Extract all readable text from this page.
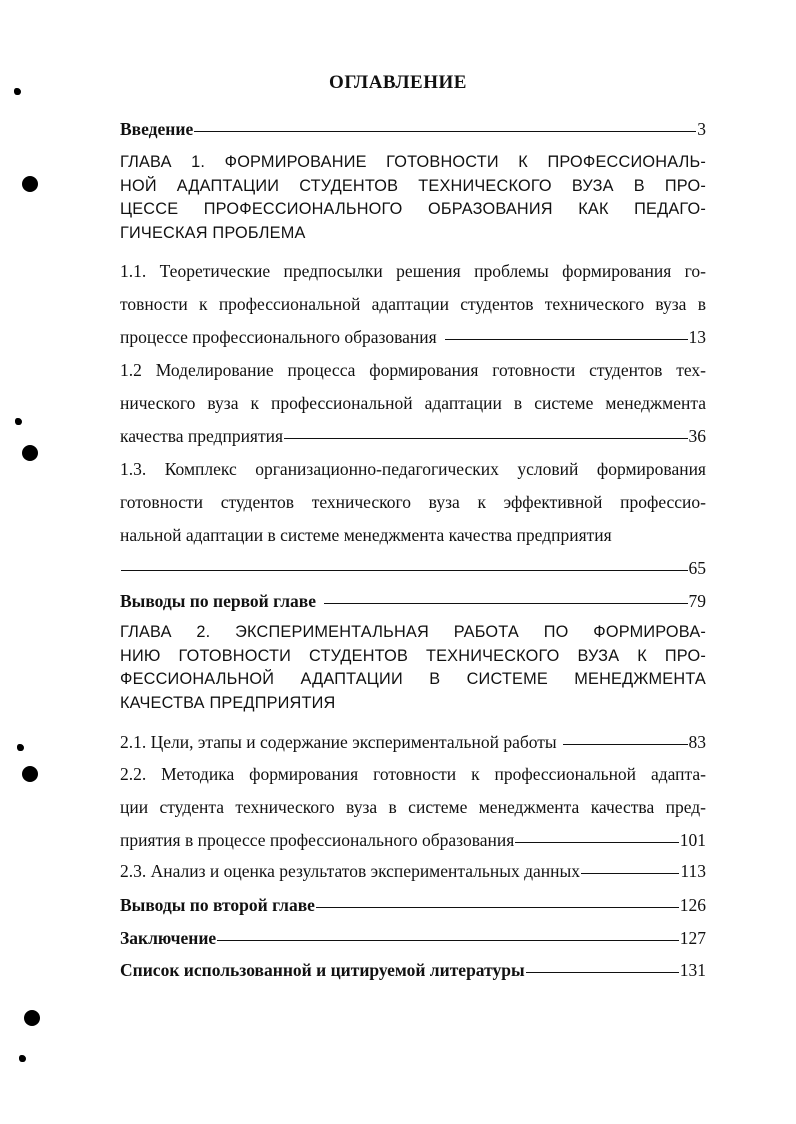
ОГЛАВЛЕНИЕ
Введение	3
ГЛАВА 1. ФОРМИРОВАНИЕ ГОТОВНОСТИ К ПРОФЕССИОНАЛЬ-
НОЙ АДАПТАЦИИ СТУДЕНТОВ ТЕХНИЧЕСКОГО ВУЗА В ПРО-
ЦЕССЕ ПРОФЕССИОНАЛЬНОГО ОБРАЗОВАНИЯ КАК ПЕДАГО-
ГИЧЕСКАЯ ПРОБЛЕМА
1.1. Теоретические предпосылки решения проблемы формирования го-
товности к профессиональной адаптации студентов технического вуза в
процессе профессионального образования	13
1.2 Моделирование процесса формирования готовности студентов тех-
нического вуза к профессиональной адаптации в системе менеджмента
качества предприятия	36
1.3. Комплекс организационно-педагогических условий формирования
готовности студентов технического вуза к эффективной профессио-
нальной адаптации в системе менеджмента качества предприятия
65
Выводы по первой главе	79
ГЛАВА 2. ЭКСПЕРИМЕНТАЛЬНАЯ РАБОТА ПО ФОРМИРОВА-
НИЮ ГОТОВНОСТИ СТУДЕНТОВ ТЕХНИЧЕСКОГО ВУЗА К ПРО-
ФЕССИОНАЛЬНОЙ АДАПТАЦИИ В СИСТЕМЕ МЕНЕДЖМЕНТА
КАЧЕСТВА ПРЕДПРИЯТИЯ
2.1. Цели, этапы и содержание экспериментальной работы	83
2.2. Методика формирования готовности к профессиональной адапта-
ции студента технического вуза в системе менеджмента качества пред-
приятия в процессе профессионального образования	101
2.3. Анализ и оценка результатов экспериментальных данных	113
Выводы по второй главе	126
Заключение	127
Список использованной и цитируемой литературы	131
